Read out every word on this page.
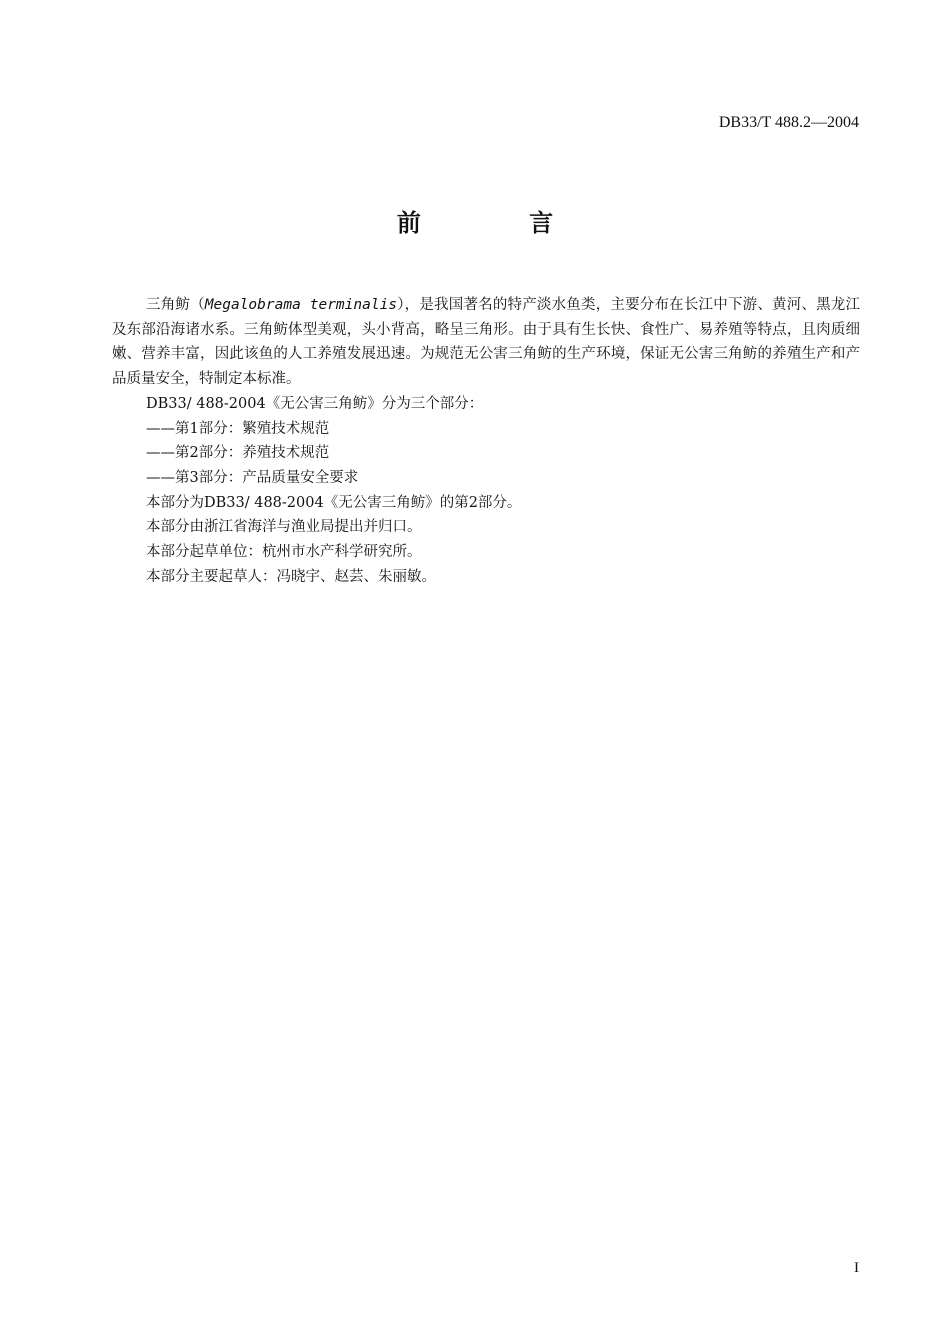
DB33/T 488.2—2004
前 言

三角鲂（Megalobrama terminalis），是我国著名的特产淡水鱼类，主要分布在长江中下游、黄河、黑龙江及东部沿海诸水系。三角鲂体型美观，头小背高，略呈三角形。由于具有生长快、食性广、易养殖等特点，且肉质细嫩、营养丰富，因此该鱼的人工养殖发展迅速。为规范无公害三角鲂的生产环境，保证无公害三角鲂的养殖生产和产品质量安全，特制定本标准。

DB33/ 488-2004《无公害三角鲂》分为三个部分：

——第1部分：繁殖技术规范

——第2部分：养殖技术规范

——第3部分：产品质量安全要求

本部分为DB33/ 488-2004《无公害三角鲂》的第2部分。

本部分由浙江省海洋与渔业局提出并归口。

本部分起草单位：杭州市水产科学研究所。

本部分主要起草人：冯晓宇、赵芸、朱丽敏。

I
